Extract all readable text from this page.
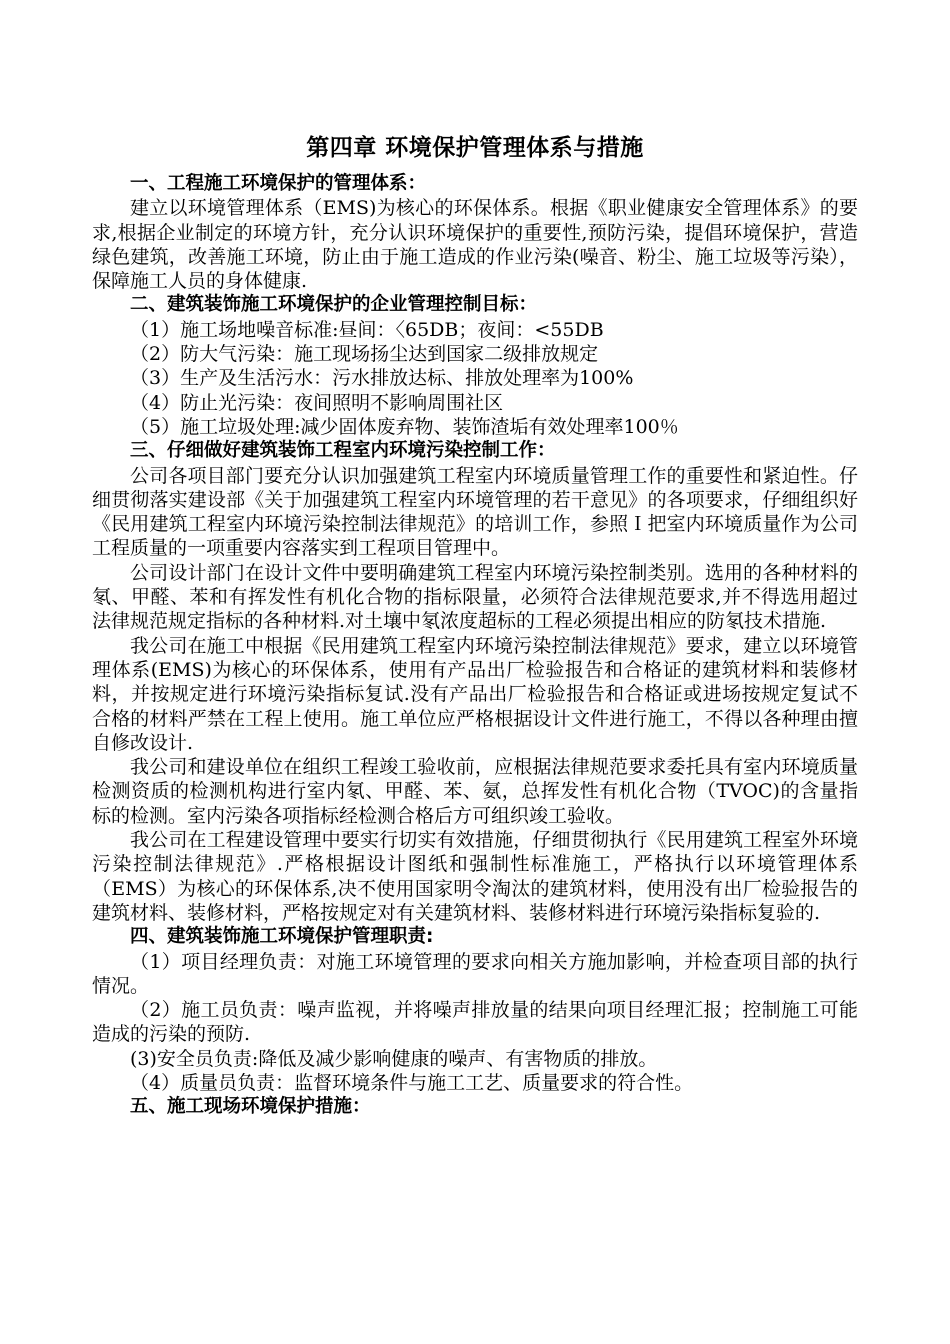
第四章 环境保护管理体系与措施

一、工程施工环境保护的管理体系：

建立以环境管理体系（EMS)为核心的环保体系。根据《职业健康安全管理体系》的要求,根据企业制定的环境方针，充分认识环境保护的重要性,预防污染，提倡环境保护，营造绿色建筑，改善施工环境，防止由于施工造成的作业污染(噪音、粉尘、施工垃圾等污染），保障施工人员的身体健康.

二、建筑装饰施工环境保护的企业管理控制目标：

（1）施工场地噪音标准:昼间：〈65DB；夜间：<55DB

（2）防大气污染：施工现场扬尘达到国家二级排放规定

（3）生产及生活污水：污水排放达标、排放处理率为100%

（4）防止光污染：夜间照明不影响周围社区

（5）施工垃圾处理:减少固体废弃物、装饰渣垢有效处理率100％

三、仔细做好建筑装饰工程室内环境污染控制工作：

公司各项目部门要充分认识加强建筑工程室内环境质量管理工作的重要性和紧迫性。仔细贯彻落实建设部《关于加强建筑工程室内环境管理的若干意见》的各项要求，仔细组织好《民用建筑工程室内环境污染控制法律规范》的培训工作，参照Ｉ把室内环境质量作为公司工程质量的一项重要内容落实到工程项目管理中。

公司设计部门在设计文件中要明确建筑工程室内环境污染控制类别。选用的各种材料的氡、甲醛、苯和有挥发性有机化合物的指标限量，必须符合法律规范要求,并不得选用超过法律规范规定指标的各种材料.对土壤中氡浓度超标的工程必须提出相应的防氡技术措施.

我公司在施工中根据《民用建筑工程室内环境污染控制法律规范》要求，建立以环境管理体系(EMS)为核心的环保体系，使用有产品出厂检验报告和合格证的建筑材料和装修材料，并按规定进行环境污染指标复试.没有产品出厂检验报告和合格证或进场按规定复试不合格的材料严禁在工程上使用。施工单位应严格根据设计文件进行施工，不得以各种理由擅自修改设计.

我公司和建设单位在组织工程竣工验收前，应根据法律规范要求委托具有室内环境质量检测资质的检测机构进行室内氡、甲醛、苯、氨，总挥发性有机化合物（TVOC)的含量指标的检测。室内污染各项指标经检测合格后方可组织竣工验收。

我公司在工程建设管理中要实行切实有效措施，仔细贯彻执行《民用建筑工程室外环境污染控制法律规范》.严格根据设计图纸和强制性标准施工，严格执行以环境管理体系（EMS）为核心的环保体系,决不使用国家明令淘汰的建筑材料，使用没有出厂检验报告的建筑材料、装修材料，严格按规定对有关建筑材料、装修材料进行环境污染指标复验的.

四、建筑装饰施工环境保护管理职责:

（1）项目经理负责：对施工环境管理的要求向相关方施加影响，并检查项目部的执行情况。

（2）施工员负责：噪声监视，并将噪声排放量的结果向项目经理汇报；控制施工可能造成的污染的预防.

(3)安全员负责:降低及减少影响健康的噪声、有害物质的排放。

（4）质量员负责：监督环境条件与施工工艺、质量要求的符合性。

五、施工现场环境保护措施：
